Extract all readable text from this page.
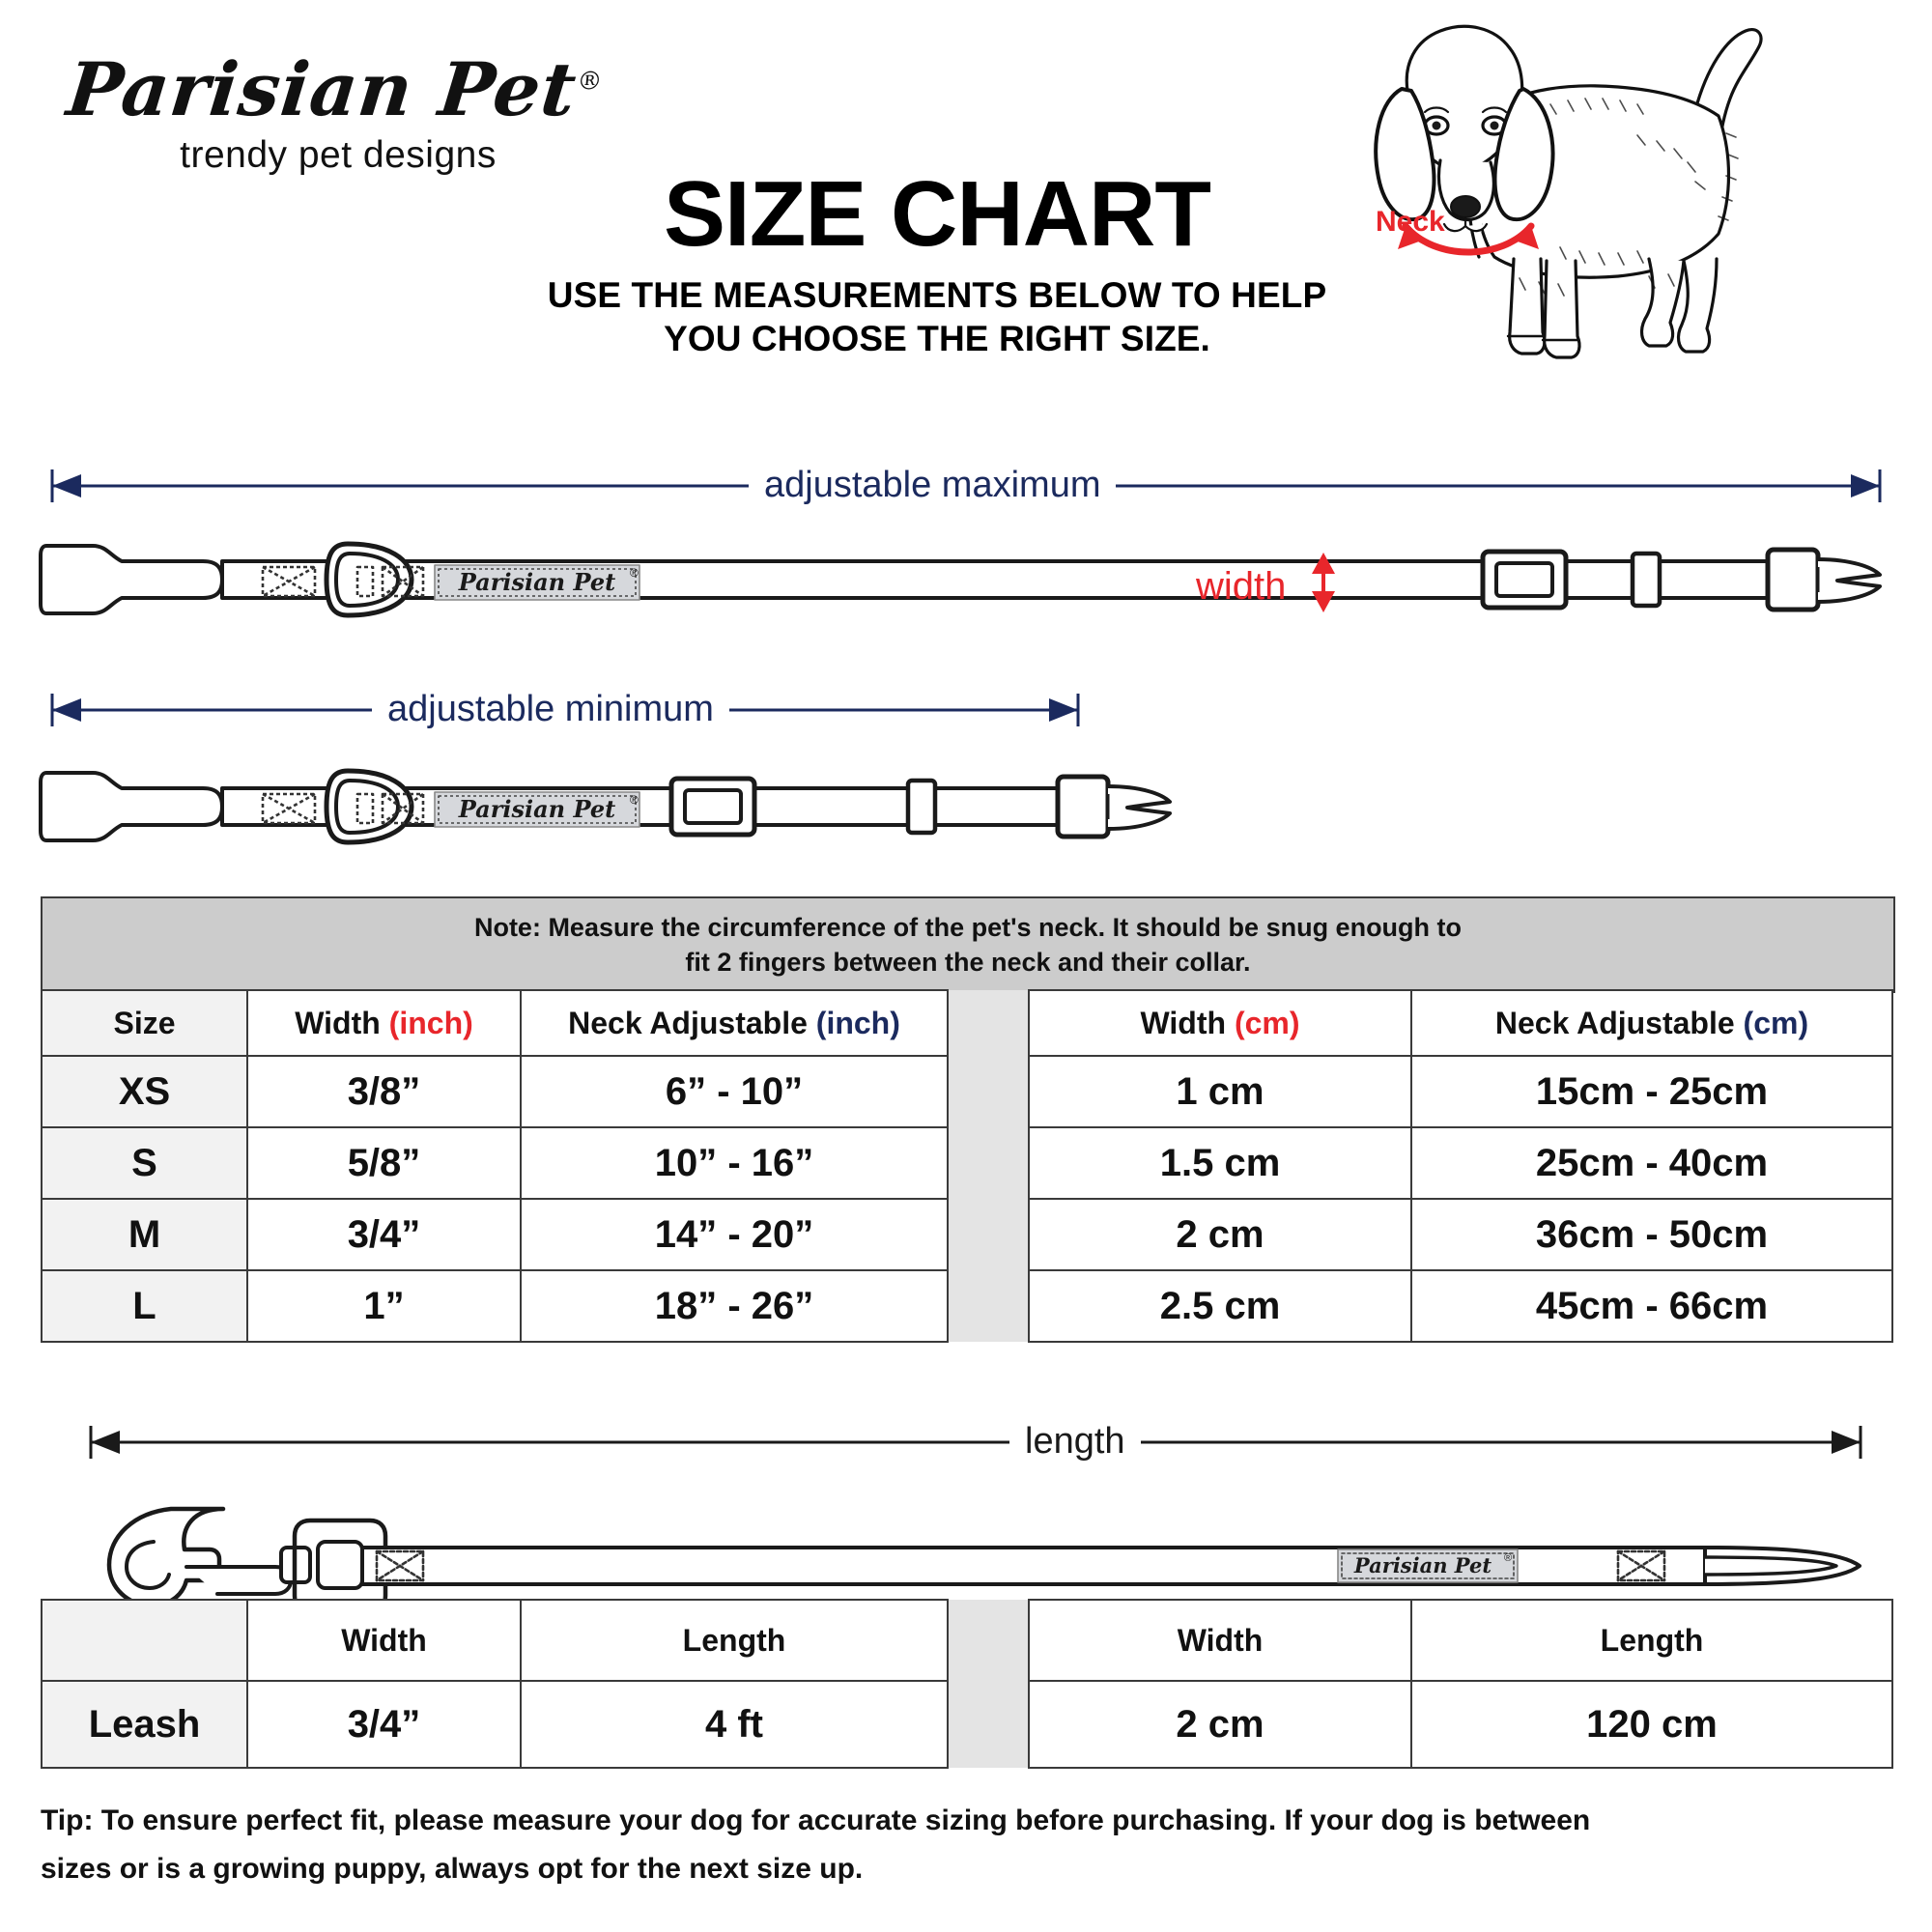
Parisian Pet®
trendy pet designs
SIZE CHART
USE THE MEASUREMENTS BELOW TO HELP
YOU CHOOSE THE RIGHT SIZE.
Neck
adjustable maximum
Parisian Pet ®	width
adjustable minimum
Parisian Pet ®
Note: Measure the circumference of the pet's neck. It should be snug enough to
fit 2 fingers between the neck and their collar.
Size	Width (inch)	Neck Adjustable (inch)		Width (cm)	Neck Adjustable (cm)
XS	3/8”	6” - 10”		1 cm	15cm - 25cm
S	5/8”	10” - 16”		1.5 cm	25cm - 40cm
M	3/4”	14” - 20”		2 cm	36cm - 50cm
L	1”	18” - 26”		2.5 cm	45cm - 66cm
length
Parisian Pet ®
	Width	Length		Width	Length
Leash	3/4”	4 ft		2 cm	120 cm
Tip: To ensure perfect fit, please measure your dog for accurate sizing before purchasing. If your dog is between
sizes or is a growing puppy, always opt for the next size up.
